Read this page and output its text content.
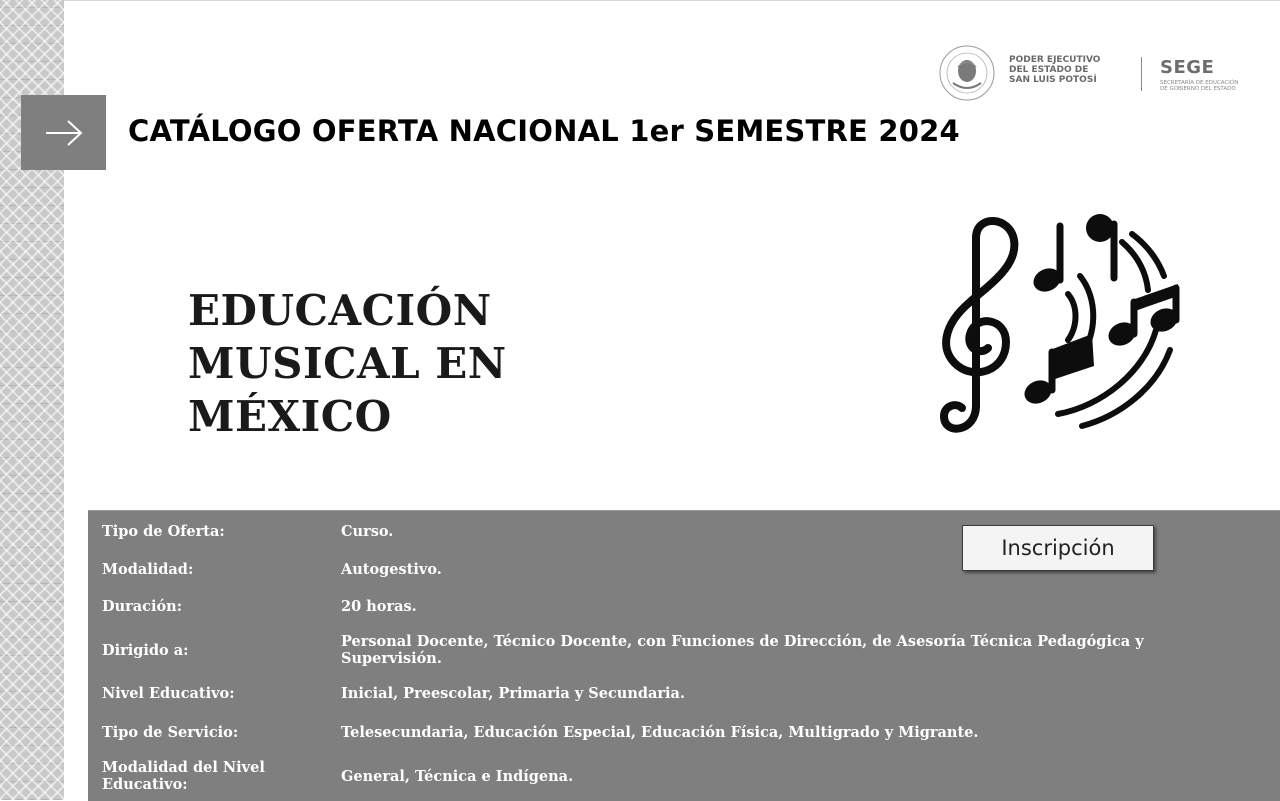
CATÁLOGO OFERTA NACIONAL 1er SEMESTRE 2024
PODER EJECUTIVO
DEL ESTADO DE
SAN LUIS POTOSÍ
SEGE
SECRETARÍA DE EDUCACIÓN
DE GOBIERNO DEL ESTADO
EDUCACIÓN
MUSICAL EN
MÉXICO
Tipo de Oferta:	Curso.
Modalidad:	Autogestivo.
Duración:	20 horas.
Dirigido a:	Personal Docente, Técnico Docente, con Funciones de Dirección, de Asesoría Técnica Pedagógica y Supervisión.
Nivel Educativo:	Inicial, Preescolar, Primaria y Secundaria.
Tipo de Servicio:	Telesecundaria, Educación Especial, Educación Física, Multigrado y Migrante.
Modalidad del Nivel Educativo:	General, Técnica e Indígena.
Inscripción
